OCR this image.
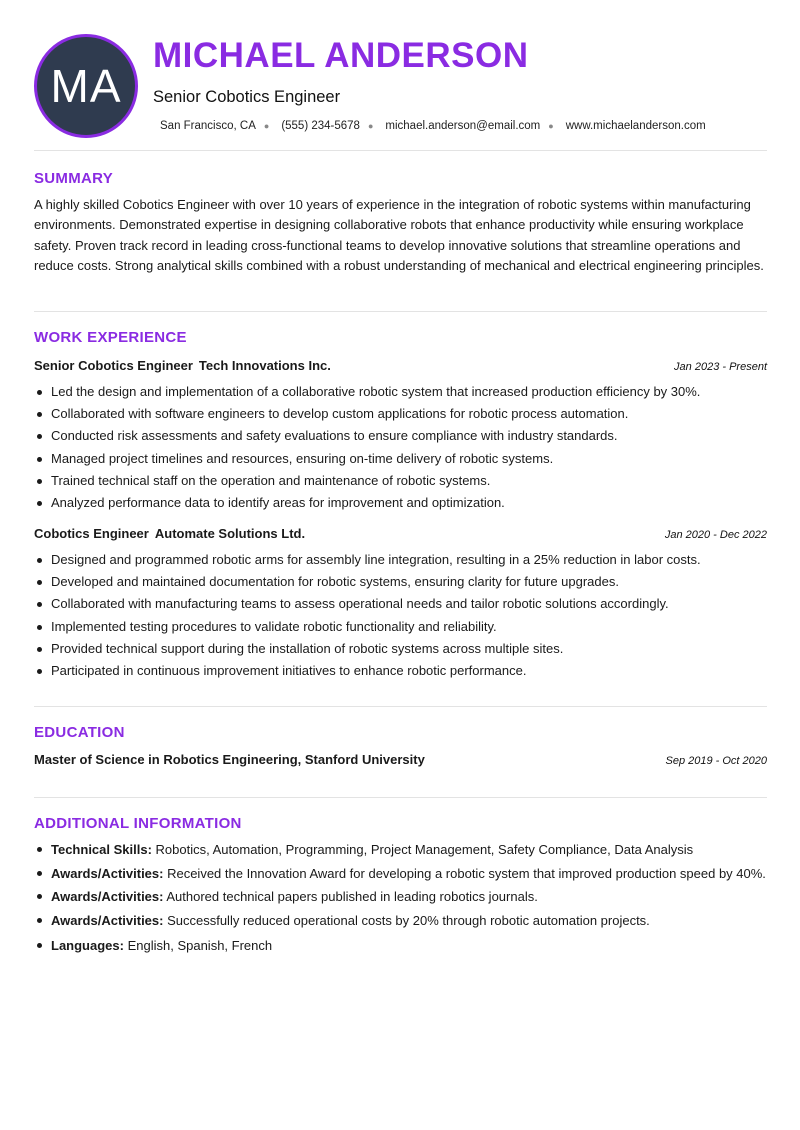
MA
MICHAEL ANDERSON
Senior Cobotics Engineer
San Francisco, CA ● (555) 234-5678 ● michael.anderson@email.com ● www.michaelanderson.com
SUMMARY
A highly skilled Cobotics Engineer with over 10 years of experience in the integration of robotic systems within manufacturing environments. Demonstrated expertise in designing collaborative robots that enhance productivity while ensuring workplace safety. Proven track record in leading cross-functional teams to develop innovative solutions that streamline operations and reduce costs. Strong analytical skills combined with a robust understanding of mechanical and electrical engineering principles.
WORK EXPERIENCE
Senior Cobotics Engineer Tech Innovations Inc.	Jan 2023 - Present
Led the design and implementation of a collaborative robotic system that increased production efficiency by 30%.
Collaborated with software engineers to develop custom applications for robotic process automation.
Conducted risk assessments and safety evaluations to ensure compliance with industry standards.
Managed project timelines and resources, ensuring on-time delivery of robotic systems.
Trained technical staff on the operation and maintenance of robotic systems.
Analyzed performance data to identify areas for improvement and optimization.
Cobotics Engineer Automate Solutions Ltd.	Jan 2020 - Dec 2022
Designed and programmed robotic arms for assembly line integration, resulting in a 25% reduction in labor costs.
Developed and maintained documentation for robotic systems, ensuring clarity for future upgrades.
Collaborated with manufacturing teams to assess operational needs and tailor robotic solutions accordingly.
Implemented testing procedures to validate robotic functionality and reliability.
Provided technical support during the installation of robotic systems across multiple sites.
Participated in continuous improvement initiatives to enhance robotic performance.
EDUCATION
Master of Science in Robotics Engineering, Stanford University	Sep 2019 - Oct 2020
ADDITIONAL INFORMATION
Technical Skills: Robotics, Automation, Programming, Project Management, Safety Compliance, Data Analysis
Awards/Activities: Received the Innovation Award for developing a robotic system that improved production speed by 40%.
Awards/Activities: Authored technical papers published in leading robotics journals.
Awards/Activities: Successfully reduced operational costs by 20% through robotic automation projects.
Languages: English, Spanish, French
